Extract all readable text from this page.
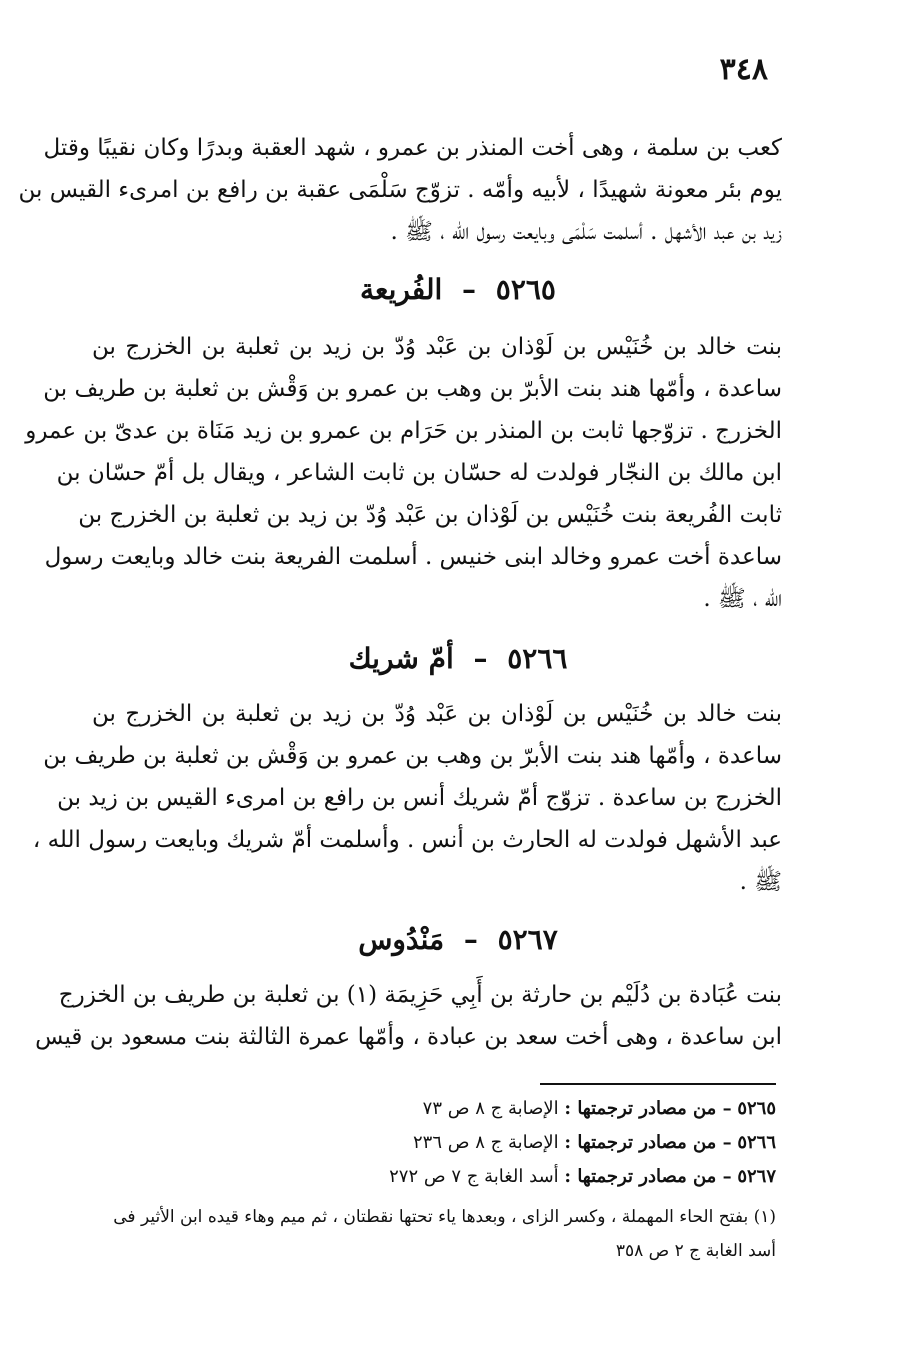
٣٤٨
كعب بن سلمة ، وهى أخت المنذر بن عمرو ، شهد العقبة وبدرًا وكان نقيبًا وقتل
يوم بئر معونة شهيدًا ، لأبيه وأمّه . تزوّج سَلْمَى عقبة بن رافع بن امرىء القيس بن
زيد بن عبد الأشهل . أسلمت سَلْمَى وبايعت رسول الله ، ﷺ .
٥٢٦٥ – الفُريعة
بنت خالد بن خُنَيْس بن لَوْذان بن عَبْد وُدّ بن زيد بن ثعلبة بن الخزرج بن
ساعدة ، وأمّها هند بنت الأبرّ بن وهب بن عمرو بن وَقْش بن ثعلبة بن طريف بن
الخزرج . تزوّجها ثابت بن المنذر بن حَرَام بن عمرو بن زيد مَنَاة بن عدىّ بن عمرو
ابن مالك بن النجّار فولدت له حسّان بن ثابت الشاعر ، ويقال بل أمّ حسّان بن
ثابت الفُريعة بنت خُنَيْس بن لَوْذان بن عَبْد وُدّ بن زيد بن ثعلبة بن الخزرج بن
ساعدة أخت عمرو وخالد ابنى خنيس . أسلمت الفريعة بنت خالد وبايعت رسول
الله ، ﷺ .
٥٢٦٦ – أمّ شريك
بنت خالد بن خُنَيْس بن لَوْذان بن عَبْد وُدّ بن زيد بن ثعلبة بن الخزرج بن
ساعدة ، وأمّها هند بنت الأبرّ بن وهب بن عمرو بن وَقْش بن ثعلبة بن طريف بن
الخزرج بن ساعدة . تزوّج أمّ شريك أنس بن رافع بن امرىء القيس بن زيد بن
عبد الأشهل فولدت له الحارث بن أنس . وأسلمت أمّ شريك وبايعت رسول الله ،
ﷺ .
٥٢٦٧ – مَنْدُوس
بنت عُبَادة بن دُلَيْم بن حارثة بن أَبِي حَزِيمَة (١) بن ثعلبة بن طريف بن الخزرج
ابن ساعدة ، وهى أخت سعد بن عبادة ، وأمّها عمرة الثالثة بنت مسعود بن قيس
٥٢٦٥ – من مصادر ترجمتها : الإصابة ج ٨ ص ٧٣
٥٢٦٦ – من مصادر ترجمتها : الإصابة ج ٨ ص ٢٣٦
٥٢٦٧ – من مصادر ترجمتها : أسد الغابة ج ٧ ص ٢٧٢
(١) بفتح الحاء المهملة ، وكسر الزاى ، وبعدها ياء تحتها نقطتان ، ثم ميم وهاء قيده ابن الأثير فى
أسد الغابة ج ٢ ص ٣٥٨
